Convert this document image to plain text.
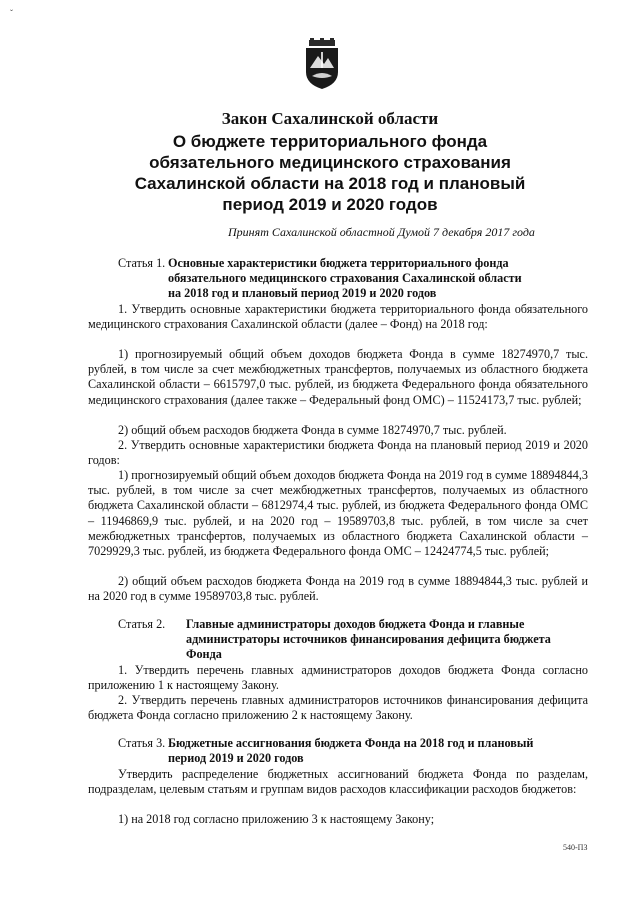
ˇ
Закон Сахалинской области
О бюджете территориального фонда
обязательного медицинского страхования
Сахалинской области на 2018 год и плановый
период 2019 и 2020 годов
Принят Сахалинской областной Думой 7 декабря 2017 года
Статья 1. Основные характеристики бюджета территориального фонда
обязательного медицинского страхования Сахалинской области
на 2018 год и плановый период 2019 и 2020 годов
1. Утвердить основные характеристики бюджета территориального фонда обязательного медицинского страхования Сахалинской области (далее – Фонд) на 2018 год:
1) прогнозируемый общий объем доходов бюджета Фонда в сумме 18274970,7 тыс. рублей, в том числе за счет межбюджетных трансфертов, получаемых из областного бюджета Сахалинской области – 6615797,0 тыс. рублей, из бюджета Федерального фонда обязательного медицинского страхования (далее также – Федеральный фонд ОМС) – 11524173,7 тыс. рублей;
2) общий объем расходов бюджета Фонда в сумме 18274970,7 тыс. рублей.
2. Утвердить основные характеристики бюджета Фонда на плановый период 2019 и 2020 годов:
1) прогнозируемый общий объем доходов бюджета Фонда на 2019 год в сумме 18894844,3 тыс. рублей, в том числе за счет межбюджетных трансфертов, получаемых из областного бюджета Сахалинской области – 6812974,4 тыс. рублей, из бюджета Федерального фонда ОМС – 11946869,9 тыс. рублей, и на 2020 год – 19589703,8 тыс. рублей, в том числе за счет межбюджетных трансфертов, получаемых из областного бюджета Сахалинской области – 7029929,3 тыс. рублей, из бюджета Федерального фонда ОМС – 12424774,5 тыс. рублей;
2) общий объем расходов бюджета Фонда на 2019 год в сумме 18894844,3 тыс. рублей и на 2020 год в сумме 19589703,8 тыс. рублей.
Статья 2. Главные администраторы доходов бюджета Фонда и главные
администраторы источников финансирования дефицита бюджета
Фонда
1. Утвердить перечень главных администраторов доходов бюджета Фонда согласно приложению 1 к настоящему Закону.
2. Утвердить перечень главных администраторов источников финансирования дефицита бюджета Фонда согласно приложению 2 к настоящему Закону.
Статья 3. Бюджетные ассигнования бюджета Фонда на 2018 год и плановый
период 2019 и 2020 годов
Утвердить распределение бюджетных ассигнований бюджета Фонда по разделам, подразделам, целевым статьям и группам видов расходов классификации расходов бюджетов:
1) на 2018 год согласно приложению 3 к настоящему Закону;
540-ПЗ
